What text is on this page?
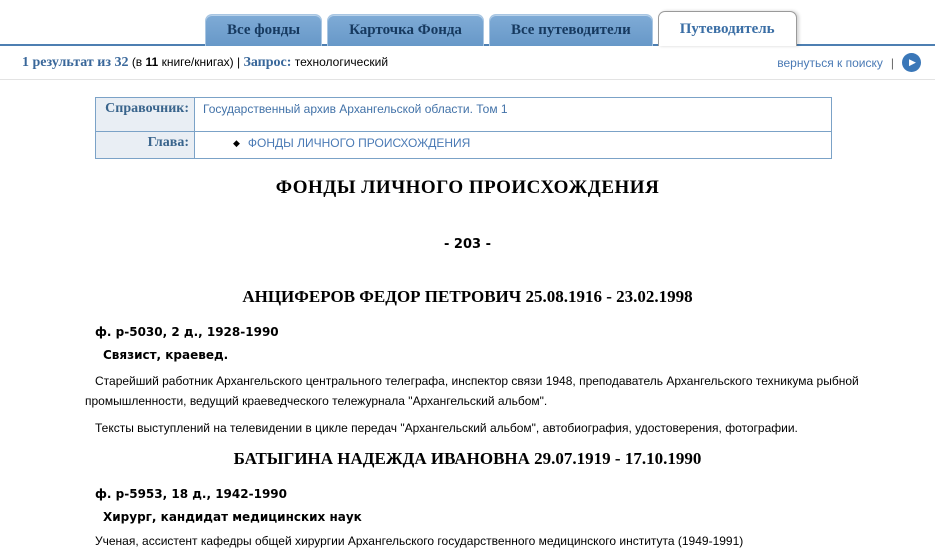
Все фонды	Карточка Фонда	Все путеводители	Путеводитель
1 результат из 32 (в 11 книге/книгах) | Запрос: технологический	вернуться к поиску | ▶
Справочник:	Государственный архив Архангельской области. Том 1
Глава:	◆ ФОНДЫ ЛИЧНОГО ПРОИСХОЖДЕНИЯ
ФОНДЫ ЛИЧНОГО ПРОИСХОЖДЕНИЯ
- 203 -
АНЦИФЕРОВ ФЕДОР ПЕТРОВИЧ 25.08.1916 - 23.02.1998
ф. р-5030, 2 д., 1928-1990
Связист, краевед.
Старейший работник Архангельского центрального телеграфа, инспектор связи 1948, преподаватель Архангельского техникума рыбной промышленности, ведущий краеведческого тележурнала "Архангельский альбом".
Тексты выступлений на телевидении в цикле передач "Архангельский альбом", автобиография, удостоверения, фотографии.
БАТЫГИНА НАДЕЖДА ИВАНОВНА 29.07.1919 - 17.10.1990
ф. р-5953, 18 д., 1942-1990
Хирург, кандидат медицинских наук
Ученая, ассистент кафедры общей хирургии Архангельского государственного медицинского института (1949-1991)
